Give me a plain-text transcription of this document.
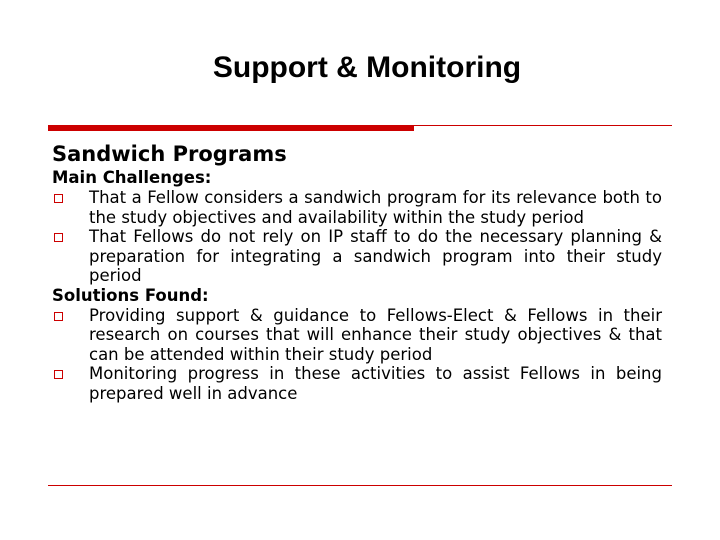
Support & Monitoring
Sandwich Programs
Main Challenges:
That a Fellow considers a sandwich program for its relevance both to the study objectives and availability within the study period
That Fellows do not rely on IP staff to do the necessary planning & preparation for integrating a sandwich program into their study period
Solutions Found:
Providing support & guidance to Fellows-Elect & Fellows in their research on courses that will enhance their study objectives & that can be attended within their study period
Monitoring progress in these activities to assist Fellows in being prepared well in advance
